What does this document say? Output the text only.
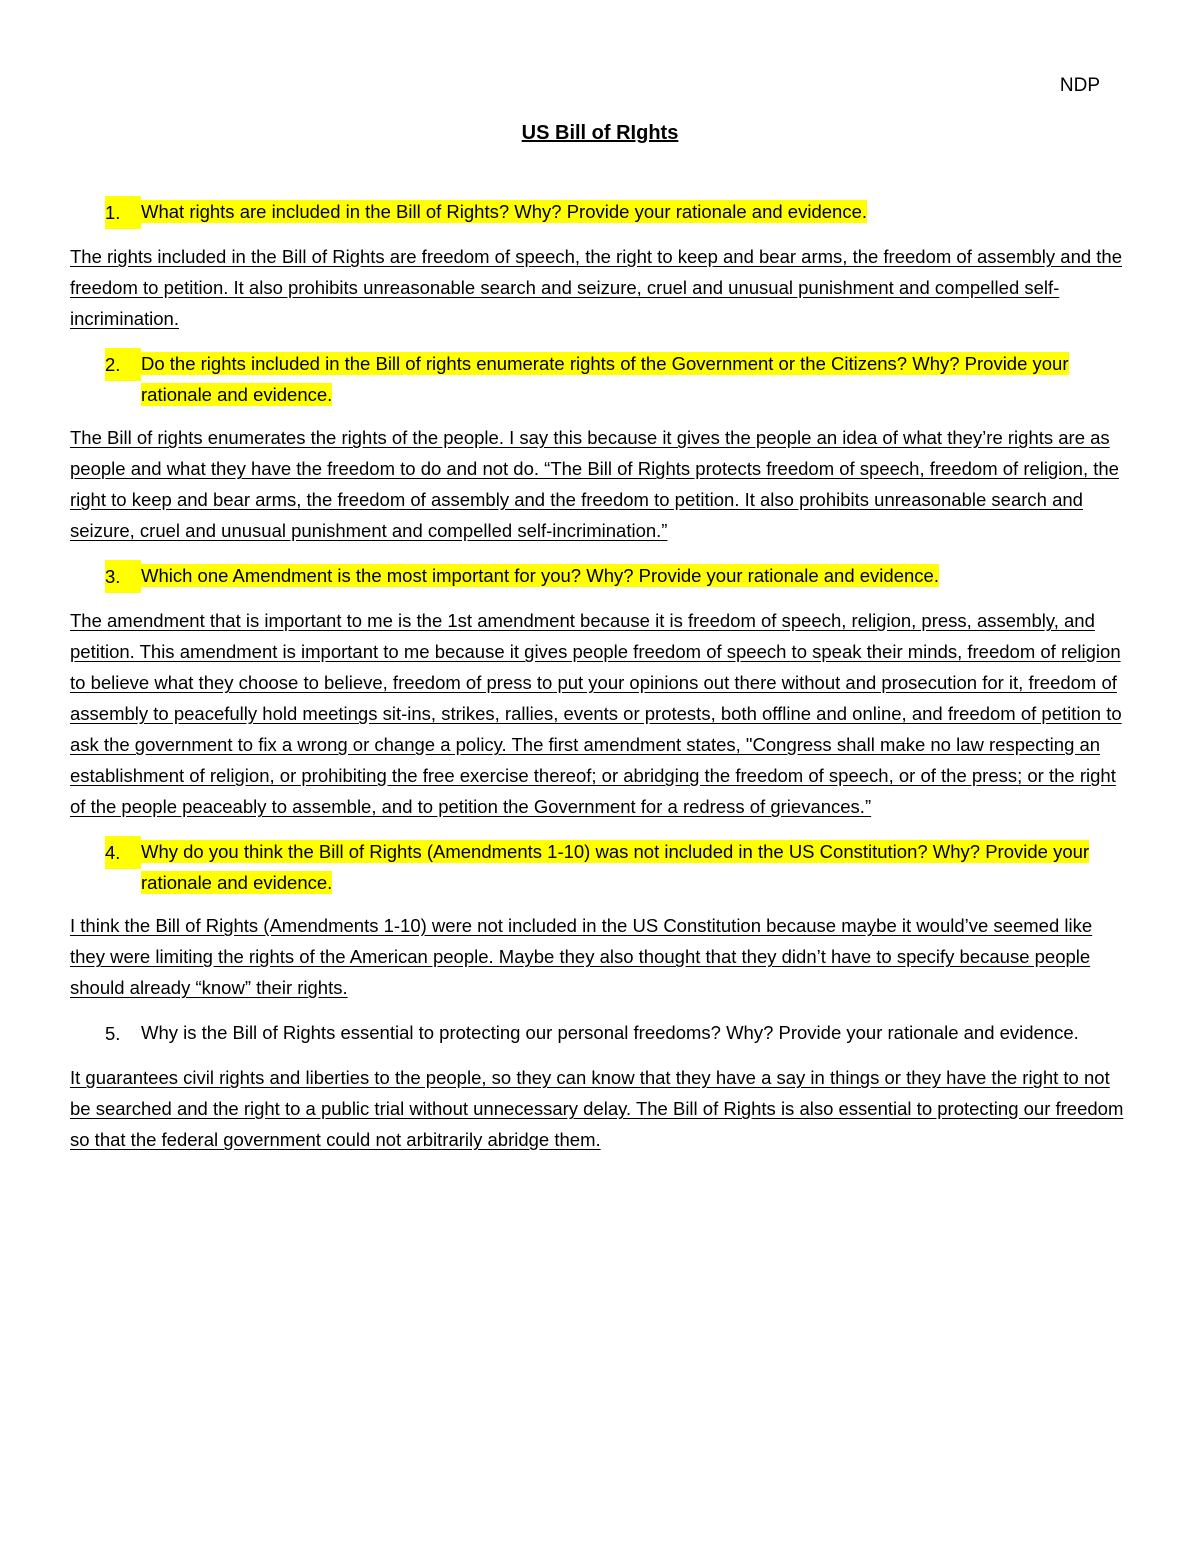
NDP
US Bill of RIghts
1.	What rights are included in the Bill of Rights? Why? Provide your rationale and evidence.
The rights included in the Bill of Rights are freedom of speech, the right to keep and bear arms, the freedom of assembly and the freedom to petition. It also prohibits unreasonable search and seizure, cruel and unusual punishment and compelled self-incrimination.
2.	Do the rights included in the Bill of rights enumerate rights of the Government or the Citizens? Why? Provide your rationale and evidence.
The Bill of rights enumerates the rights of the people. I say this because it gives the people an idea of what they’re rights are as people and what they have the freedom to do and not do. “The Bill of Rights protects freedom of speech, freedom of religion, the right to keep and bear arms, the freedom of assembly and the freedom to petition. It also prohibits unreasonable search and seizure, cruel and unusual punishment and compelled self-incrimination.”
3.	Which one Amendment is the most important for you? Why? Provide your rationale and evidence.
The amendment that is important to me is the 1st amendment because it is freedom of speech, religion, press, assembly, and petition. This amendment is important to me because it gives people freedom of speech to speak their minds, freedom of religion to believe what they choose to believe, freedom of press to put your opinions out there without and prosecution for it, freedom of assembly to peacefully hold meetings sit-ins, strikes, rallies, events or protests, both offline and online, and freedom of petition to ask the government to fix a wrong or change a policy. The first amendment states, "Congress shall make no law respecting an establishment of religion, or prohibiting the free exercise thereof; or abridging the freedom of speech, or of the press; or the right of the people peaceably to assemble, and to petition the Government for a redress of grievances.”
4.	Why do you think the Bill of Rights (Amendments 1-10) was not included in the US Constitution? Why? Provide your rationale and evidence.
I think the Bill of Rights (Amendments 1-10) were not included in the US Constitution because maybe it would’ve seemed like they were limiting the rights of the American people. Maybe they also thought that they didn’t have to specify because people should already “know” their rights.
5.	Why is the Bill of Rights essential to protecting our personal freedoms? Why? Provide your rationale and evidence.
It guarantees civil rights and liberties to the people, so they can know that they have a say in things or they have the right to not be searched and the right to a public trial without unnecessary delay. The Bill of Rights is also essential to protecting our freedom so that the federal government could not arbitrarily abridge them.
